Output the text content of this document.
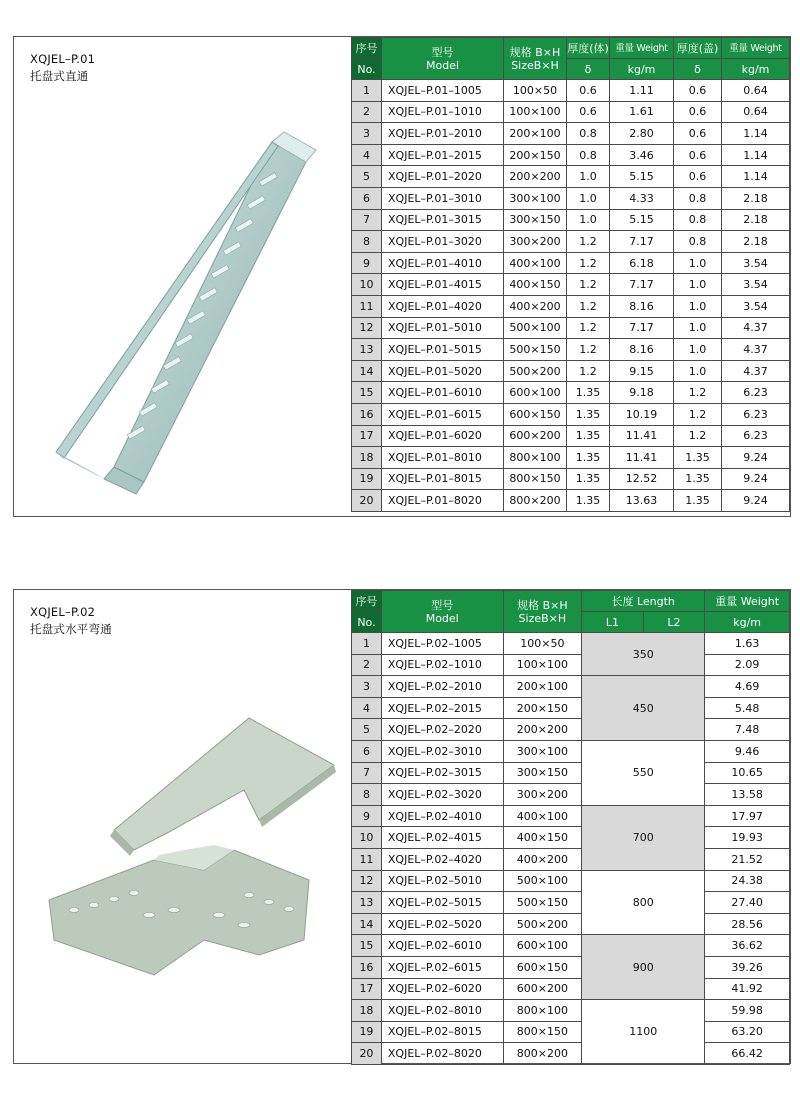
XQJEL–P.01
托盘式直通
序号	型号
Model	规格 B×H
SizeB×H	厚度(体)	重量 Weight	厚度(盖)	重量 Weight
No.			δ	kg/m	δ	kg/m
1	XQJEL–P.01–1005	100×50	0.6	1.11	0.6	0.64
2	XQJEL–P.01–1010	100×100	0.6	1.61	0.6	0.64
3	XQJEL–P.01–2010	200×100	0.8	2.80	0.6	1.14
4	XQJEL–P.01–2015	200×150	0.8	3.46	0.6	1.14
5	XQJEL–P.01–2020	200×200	1.0	5.15	0.6	1.14
6	XQJEL–P.01–3010	300×100	1.0	4.33	0.8	2.18
7	XQJEL–P.01–3015	300×150	1.0	5.15	0.8	2.18
8	XQJEL–P.01–3020	300×200	1.2	7.17	0.8	2.18
9	XQJEL–P.01–4010	400×100	1.2	6.18	1.0	3.54
10	XQJEL–P.01–4015	400×150	1.2	7.17	1.0	3.54
11	XQJEL–P.01–4020	400×200	1.2	8.16	1.0	3.54
12	XQJEL–P.01–5010	500×100	1.2	7.17	1.0	4.37
13	XQJEL–P.01–5015	500×150	1.2	8.16	1.0	4.37
14	XQJEL–P.01–5020	500×200	1.2	9.15	1.0	4.37
15	XQJEL–P.01–6010	600×100	1.35	9.18	1.2	6.23
16	XQJEL–P.01–6015	600×150	1.35	10.19	1.2	6.23
17	XQJEL–P.01–6020	600×200	1.35	11.41	1.2	6.23
18	XQJEL–P.01–8010	800×100	1.35	11.41	1.35	9.24
19	XQJEL–P.01–8015	800×150	1.35	12.52	1.35	9.24
20	XQJEL–P.01–8020	800×200	1.35	13.63	1.35	9.24
XQJEL–P.02
托盘式水平弯通
序号	型号
Model	规格 B×H
SizeB×H	长度 Length		重量 Weight
No.			L1	L2	kg/m
1	XQJEL–P.02–1005	100×50	350		1.63
2	XQJEL–P.02–1010	100×100			2.09
3	XQJEL–P.02–2010	200×100	450		4.69
4	XQJEL–P.02–2015	200×150			5.48
5	XQJEL–P.02–2020	200×200			7.48
6	XQJEL–P.02–3010	300×100	550		9.46
7	XQJEL–P.02–3015	300×150			10.65
8	XQJEL–P.02–3020	300×200			13.58
9	XQJEL–P.02–4010	400×100	700		17.97
10	XQJEL–P.02–4015	400×150			19.93
11	XQJEL–P.02–4020	400×200			21.52
12	XQJEL–P.02–5010	500×100	800		24.38
13	XQJEL–P.02–5015	500×150			27.40
14	XQJEL–P.02–5020	500×200			28.56
15	XQJEL–P.02–6010	600×100	900		36.62
16	XQJEL–P.02–6015	600×150			39.26
17	XQJEL–P.02–6020	600×200			41.92
18	XQJEL–P.02–8010	800×100	1100		59.98
19	XQJEL–P.02–8015	800×150			63.20
20	XQJEL–P.02–8020	800×200			66.42
